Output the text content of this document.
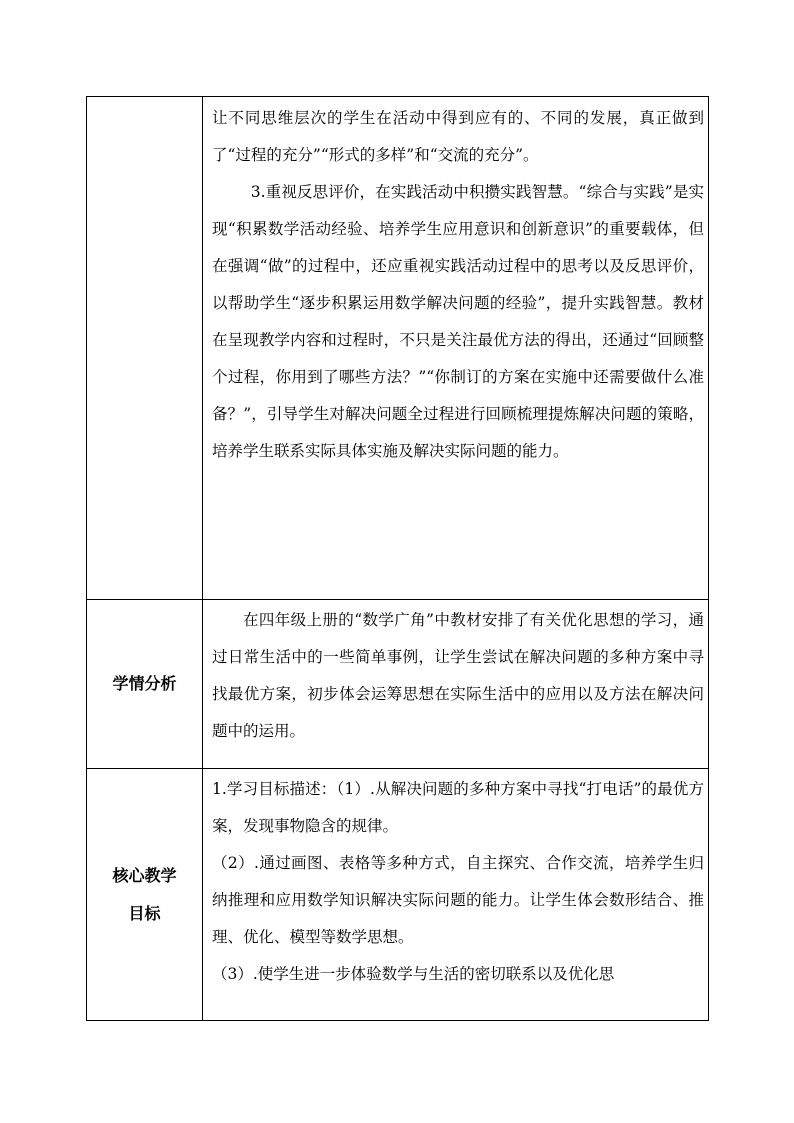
	让不同思维层次的学生在活动中得到应有的、不同的发展，真正做到了“过程的充分”“形式的多样”和“交流的充分”。

3.重视反思评价，在实践活动中积攒实践智慧。“综合与实践”是实现“积累数学活动经验、培养学生应用意识和创新意识”的重要载体，但在强调“做”的过程中，还应重视实践活动过程中的思考以及反思评价，以帮助学生“逐步积累运用数学解决问题的经验”，提升实践智慧。教材在呈现教学内容和过程时，不只是关注最优方法的得出，还通过“回顾整个过程，你用到了哪些方法？”“你制订的方案在实施中还需要做什么准备？”，引导学生对解决问题全过程进行回顾梳理提炼解决问题的策略，培养学生联系实际具体实施及解决实际问题的能力。

学情分析	在四年级上册的“数学广角”中教材安排了有关优化思想的学习，通过日常生活中的一些简单事例，让学生尝试在解决问题的多种方案中寻找最优方案，初步体会运筹思想在实际生活中的应用以及方法在解决问题中的运用。

核心教学目标	1.学习目标描述：（1）.从解决问题的多种方案中寻找“打电话”的最优方案，发现事物隐含的规律。

（2）.通过画图、表格等多种方式，自主探究、合作交流，培养学生归纳推理和应用数学知识解决实际问题的能力。让学生体会数形结合、推理、优化、模型等数学思想。

（3）.使学生进一步体验数学与生活的密切联系以及优化思
